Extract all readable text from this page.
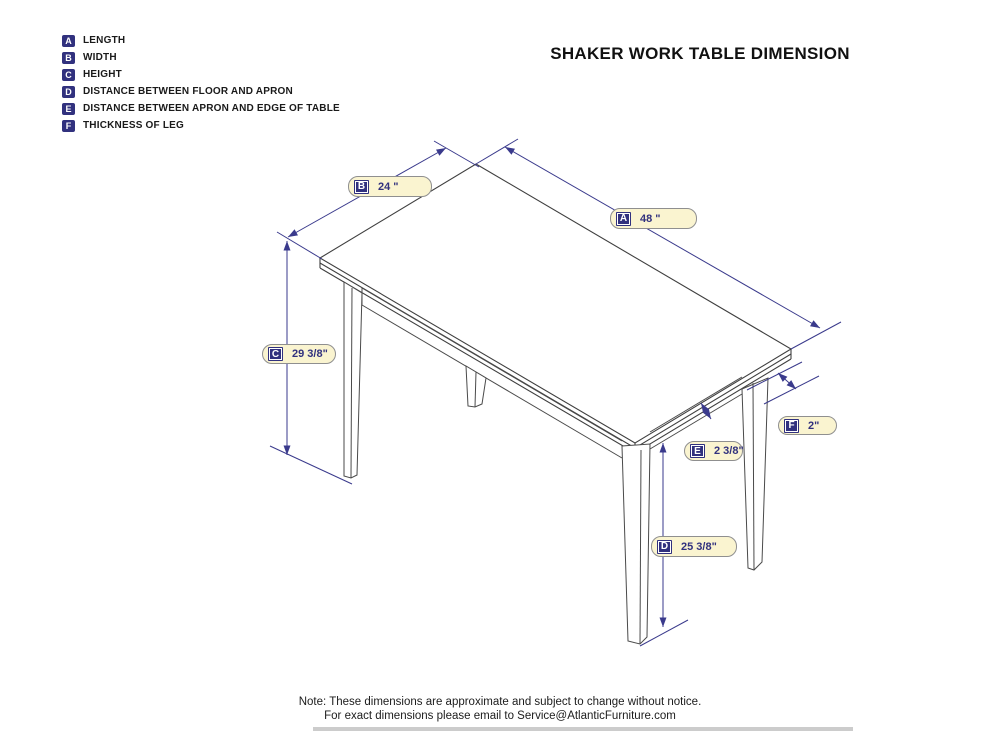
A	LENGTH
B	WIDTH
C	HEIGHT
D	DISTANCE BETWEEN FLOOR AND APRON
E	DISTANCE BETWEEN APRON AND EDGE OF TABLE
F	THICKNESS OF LEG
SHAKER WORK TABLE DIMENSION
B	24 "
A	48 "
C	29 3/8"
D	25 3/8"
E	2 3/8"
F	2"
Note: These dimensions are approximate and subject to change without notice.
For exact dimensions please email to Service@AtlanticFurniture.com
